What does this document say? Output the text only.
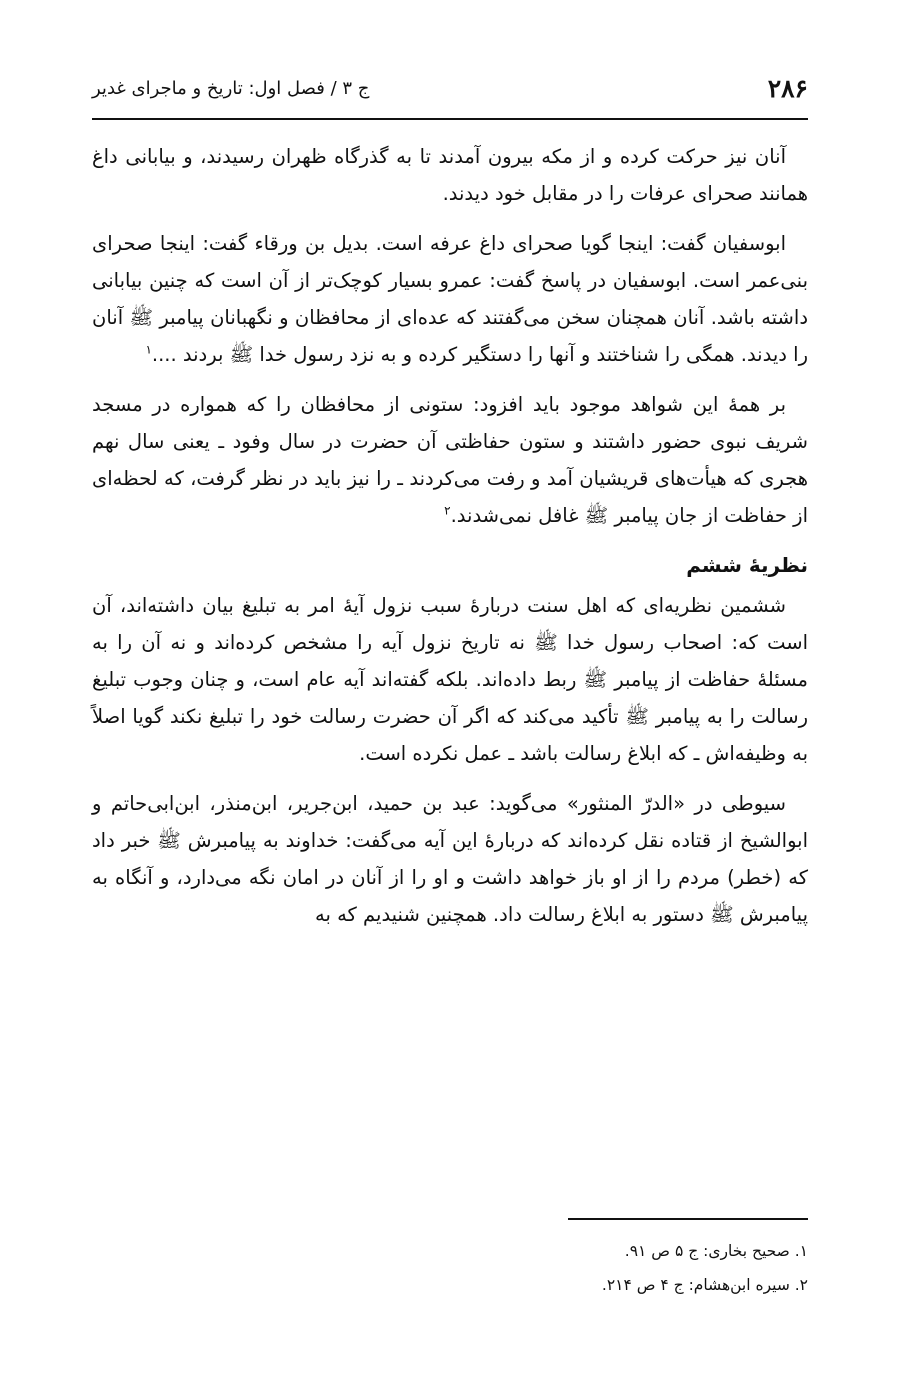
۲۸۶
ج ۳ / فصل اول: تاریخ و ماجرای غدیر

آنان نیز حرکت کرده و از مکه بیرون آمدند تا به گذرگاه ظهران رسیدند، و بیابانی داغ همانند صحرای عرفات را در مقابل خود دیدند.

ابوسفیان گفت: اینجا گویا صحرای داغ عرفه است. بدیل بن ورقاء گفت: اینجا صحرای بنی‌عمر است. ابوسفیان در پاسخ گفت: عمرو بسیار کوچک‌تر از آن است که چنین بیابانی داشته باشد. آنان همچنان سخن می‌گفتند که عده‌ای از محافظان و نگهبانان پیامبر ﷺ آنان را دیدند. همگی را شناختند و آنها را دستگیر کرده و به نزد رسول خدا ﷺ بردند ....$^۱$

بر همهٔ این شواهد موجود باید افزود: ستونی از محافظان را که همواره در مسجد شریف نبوی حضور داشتند و ستون حفاظتی آن حضرت در سال وفود ـ یعنی سال نهم هجری که هیأت‌های قریشیان آمد و رفت می‌کردند ـ را نیز باید در نظر گرفت، که لحظه‌ای از حفاظت از جان پیامبر ﷺ غافل نمی‌شدند.$^۲$

نظریهٔ ششم

ششمین نظریه‌ای که اهل سنت دربارهٔ سبب نزول آیهٔ امر به تبلیغ بیان داشته‌اند، آن است که: اصحاب رسول خدا ﷺ نه تاریخ نزول آیه را مشخص کرده‌اند و نه آن را به مسئلهٔ حفاظت از پیامبر ﷺ ربط داده‌اند. بلکه گفته‌اند آیه عام است، و چنان وجوب تبلیغ رسالت را به پیامبر ﷺ تأکید می‌کند که اگر آن حضرت رسالت خود را تبلیغ نکند گویا اصلاً به وظیفه‌اش ـ که ابلاغ رسالت باشد ـ عمل نکرده است.

سیوطی در «الدرّ المنثور» می‌گوید: عبد بن حمید، ابن‌جریر، ابن‌منذر، ابن‌ابی‌حاتم و ابوالشیخ از قتاده نقل کرده‌اند که دربارهٔ این آیه می‌گفت: خداوند به پیامبرش ﷺ خبر داد که (خطر) مردم را از او باز خواهد داشت و او را از آنان در امان نگه می‌دارد، و آنگاه به پیامبرش ﷺ دستور به ابلاغ رسالت داد. همچنین شنیدیم که به

۱. صحیح بخاری: ج ۵ ص ۹۱.
۲. سیره ابن‌هشام: ج ۴ ص ۲۱۴.
